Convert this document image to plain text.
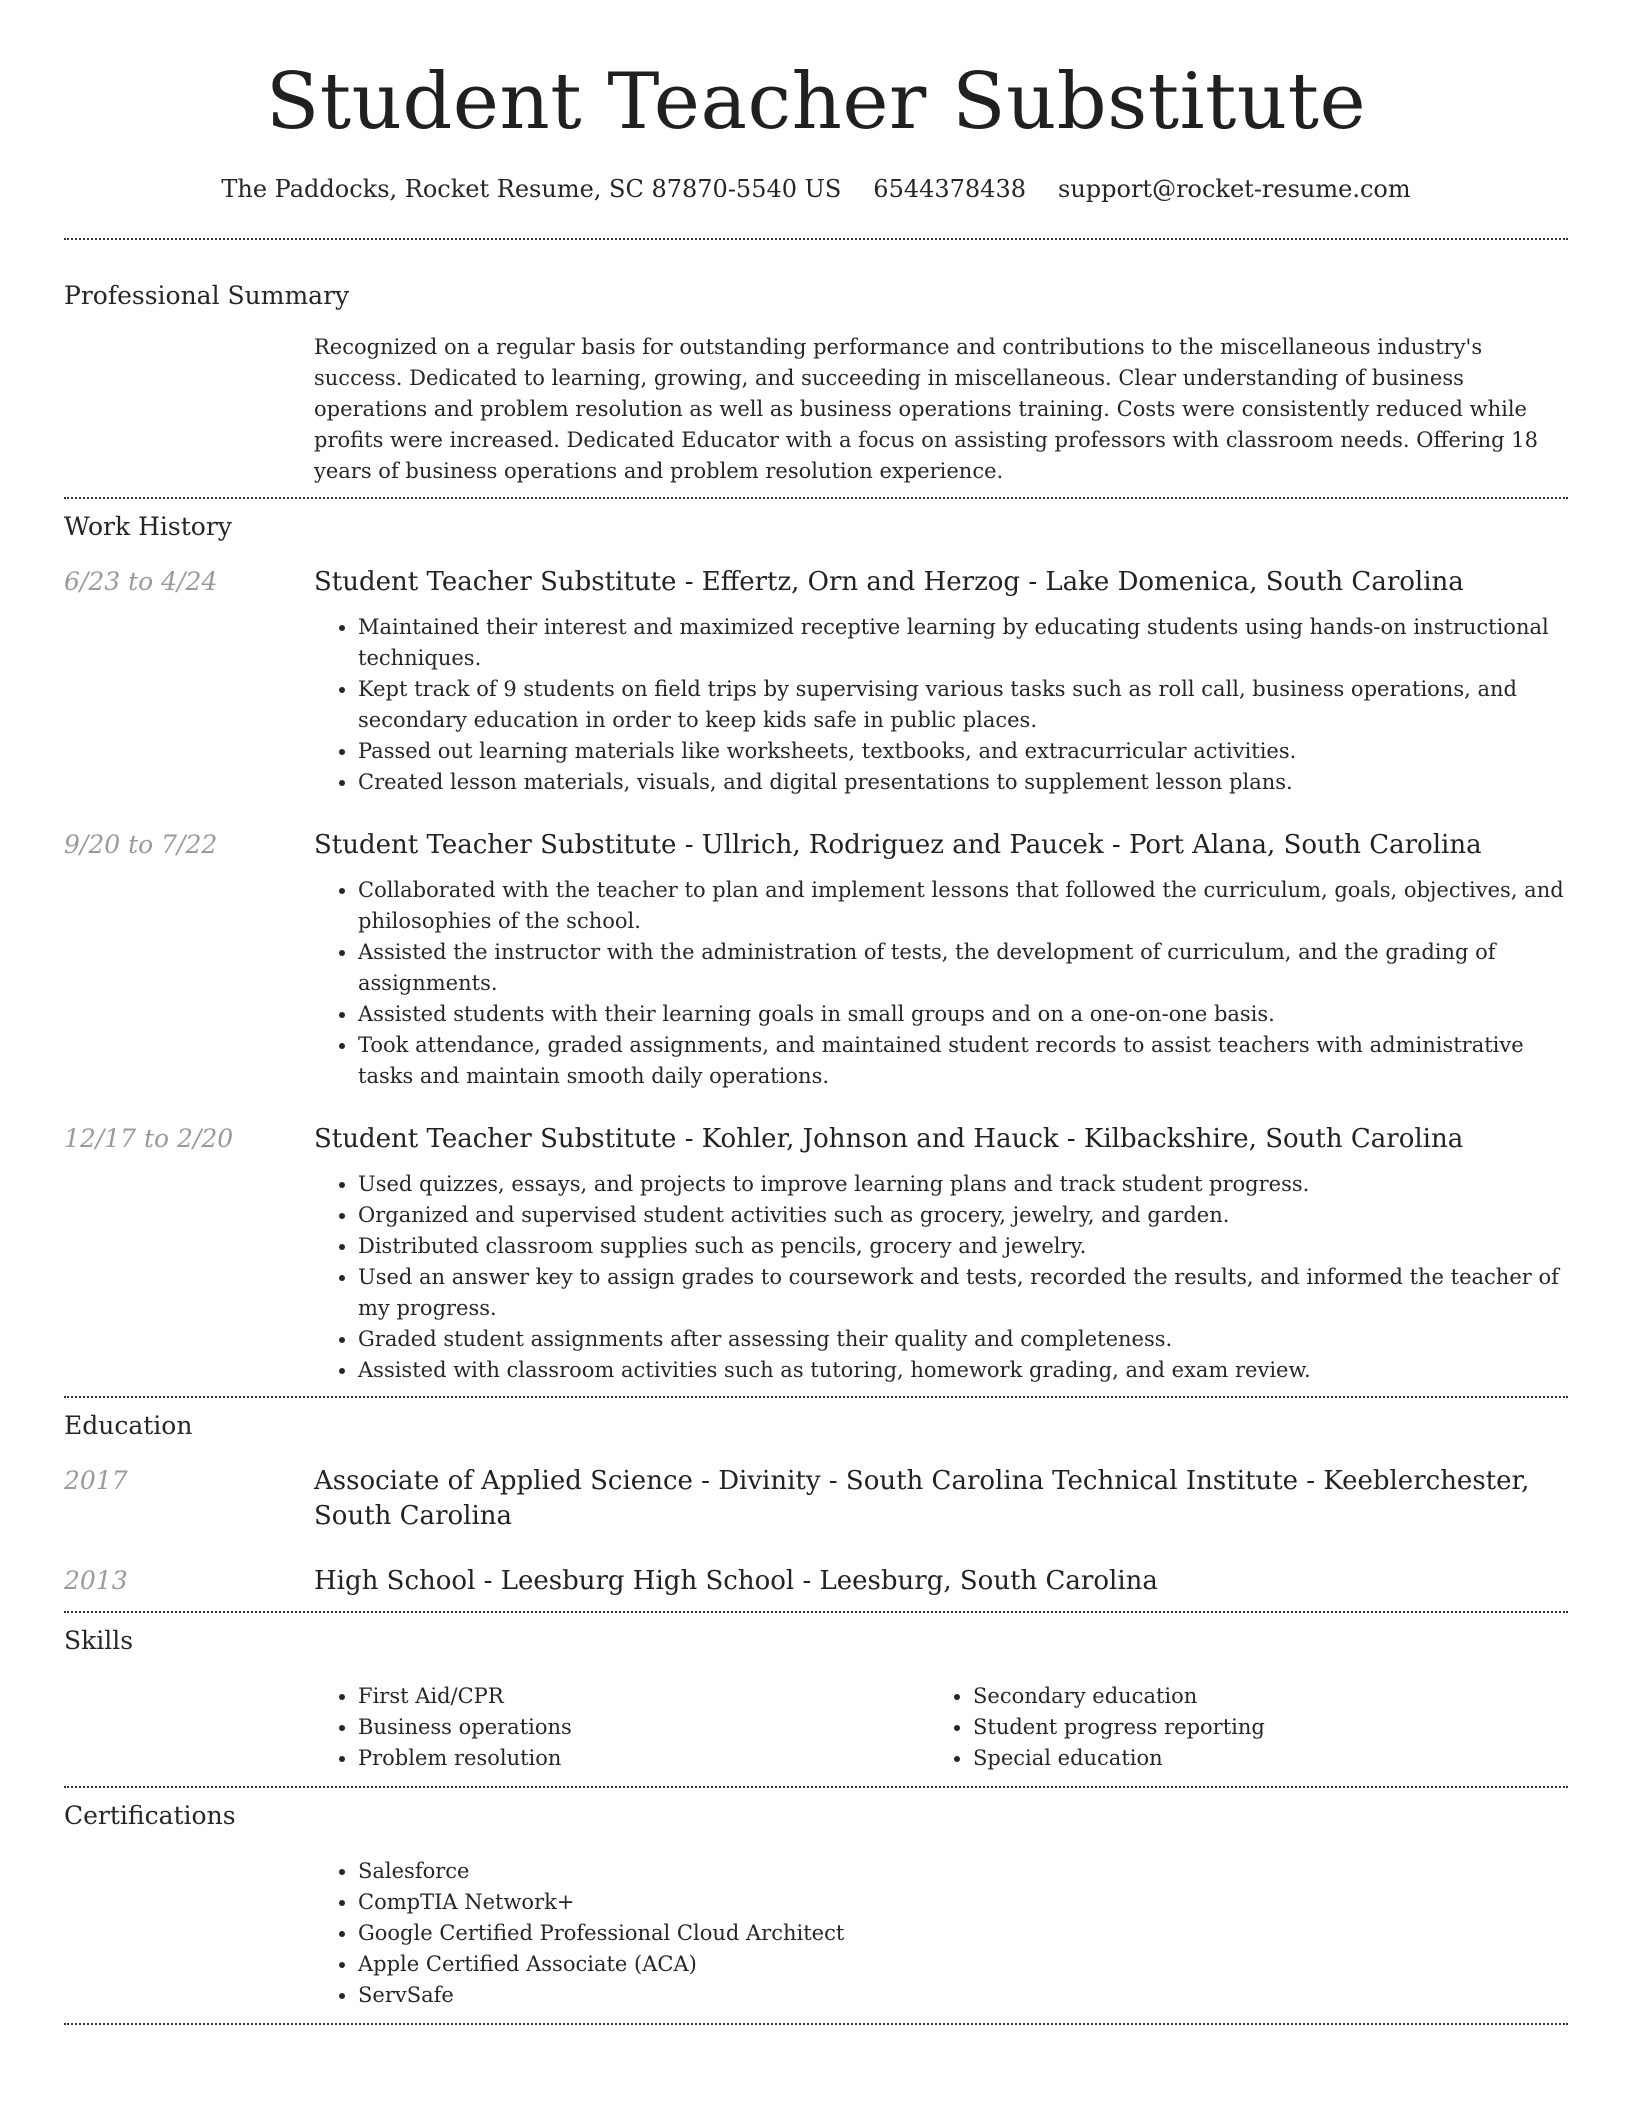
Student Teacher Substitute
The Paddocks, Rocket Resume, SC 87870-5540 US 6544378438 support@rocket-resume.com
Professional Summary
Recognized on a regular basis for outstanding performance and contributions to the miscellaneous industry's success. Dedicated to learning, growing, and succeeding in miscellaneous. Clear understanding of business operations and problem resolution as well as business operations training. Costs were consistently reduced while profits were increased. Dedicated Educator with a focus on assisting professors with classroom needs. Offering 18 years of business operations and problem resolution experience.
Work History
6/23 to 4/24	Student Teacher Substitute - Effertz, Orn and Herzog - Lake Domenica, South Carolina
• Maintained their interest and maximized receptive learning by educating students using hands-on instructional techniques.
• Kept track of 9 students on field trips by supervising various tasks such as roll call, business operations, and secondary education in order to keep kids safe in public places.
• Passed out learning materials like worksheets, textbooks, and extracurricular activities.
• Created lesson materials, visuals, and digital presentations to supplement lesson plans.
9/20 to 7/22	Student Teacher Substitute - Ullrich, Rodriguez and Paucek - Port Alana, South Carolina
• Collaborated with the teacher to plan and implement lessons that followed the curriculum, goals, objectives, and philosophies of the school.
• Assisted the instructor with the administration of tests, the development of curriculum, and the grading of assignments.
• Assisted students with their learning goals in small groups and on a one-on-one basis.
• Took attendance, graded assignments, and maintained student records to assist teachers with administrative tasks and maintain smooth daily operations.
12/17 to 2/20	Student Teacher Substitute - Kohler, Johnson and Hauck - Kilbackshire, South Carolina
• Used quizzes, essays, and projects to improve learning plans and track student progress.
• Organized and supervised student activities such as grocery, jewelry, and garden.
• Distributed classroom supplies such as pencils, grocery and jewelry.
• Used an answer key to assign grades to coursework and tests, recorded the results, and informed the teacher of my progress.
• Graded student assignments after assessing their quality and completeness.
• Assisted with classroom activities such as tutoring, homework grading, and exam review.
Education
2017	Associate of Applied Science - Divinity - South Carolina Technical Institute - Keeblerchester, South Carolina
2013	High School - Leesburg High School - Leesburg, South Carolina
Skills
• First Aid/CPR
• Business operations
• Problem resolution
• Secondary education
• Student progress reporting
• Special education
Certifications
• Salesforce
• CompTIA Network+
• Google Certified Professional Cloud Architect
• Apple Certified Associate (ACA)
• ServSafe
